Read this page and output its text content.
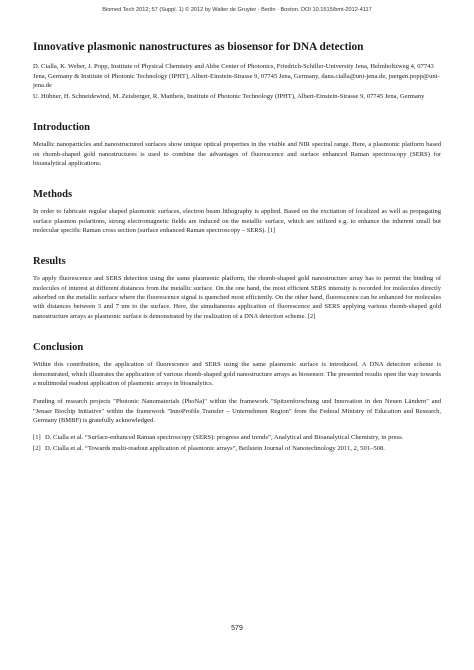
Biomed Tech 2012; 57 (Suppl. 1) © 2012 by Walter de Gruyter · Berlin · Boston. DOI 10.1515/bmt-2012-4117
Innovative plasmonic nanostructures as biosensor for DNA detection

D. Cialla, K. Weber, J. Popp, Institute of Physical Chemistry and Abbe Center of Photonics, Friedrich-Schiller-University Jena, Helmholtzweg 4, 07743 Jena, Germany & Institute of Photonic Technology (IPHT), Albert-Einstein-Strasse 9, 07745 Jena, Germany, dana.cialla@uni-jena.de, juergen.popp@uni-jena.de

U. Hübner, H. Schneidewind, M. Zeisberger, R. Mattheis, Institute of Photonic Technology (IPHT), Albert-Einstein-Strasse 9, 07745 Jena, Germany

Introduction

Metallic nanoparticles and nanostructured surfaces show unique optical properties in the visible and NIR spectral range. Here, a plasmonic platform based on rhomb-shaped gold nanostructures is used to combine the advantages of fluorescence and surface enhanced Raman spectroscopy (SERS) for bioanalytical applications.

Methods

In order to fabricate regular shaped plasmonic surfaces, electron beam lithography is applied. Based on the excitation of localized as well as propagating surface plasmon polaritons, strong electromagnetic fields are induced on the metallic surface, which are utilized e.g. to enhance the inherent small but molecular specific Raman cross section (surface enhanced Raman spectroscopy – SERS). [1]

Results

To apply fluorescence and SERS detection using the same plasmonic platform, the rhomb-shaped gold nanostructure array has to permit the binding of molecules of interest at different distances from the metallic surface. On the one hand, the most efficient SERS intensity is recorded for molecules directly adsorbed on the metallic surface where the fluorescence signal is quenched most efficiently. On the other hand, fluorescence can be enhanced for molecules with distances between 3 and 7 nm to the surface. Here, the simultaneous application of fluorescence and SERS applying various rhomb-shaped gold nanostructure arrays as plasmonic surface is demonstrated by the realization of a DNA detection scheme. [2]

Conclusion

Within this contribution, the application of fluorescence and SERS using the same plasmonic surface is introduced. A DNA detection scheme is demonstrated, which illustrates the application of various rhomb-shaped gold nanostructure arrays as biosensor. The presented results open the way towards a multimodal readout application of plasmonic arrays in bioanalytics.

Funding of research projects "Photonic Nanomaterials (PhoNa)" within the framework "Spitzenforschung und Innovation in den Neuen Ländern" and "Jenaer Biochip Initiative" within the framework "InnoProfile Transfer – Unternehmen Region" from the Federal Ministry of Education and Research, Germany (BMBF) is gratefully acknowledged.

[1] D. Cialla et al. “Surface-enhanced Raman spectroscopy (SERS): progress and trends”, Analytical and Bioanalytical Chemistry, in press.
[2] D. Cialla et al. “Towards multi-readout application of plasmonic arrays”, Beilstein Journal of Nanotechnology 2011, 2, 501–508.
579
